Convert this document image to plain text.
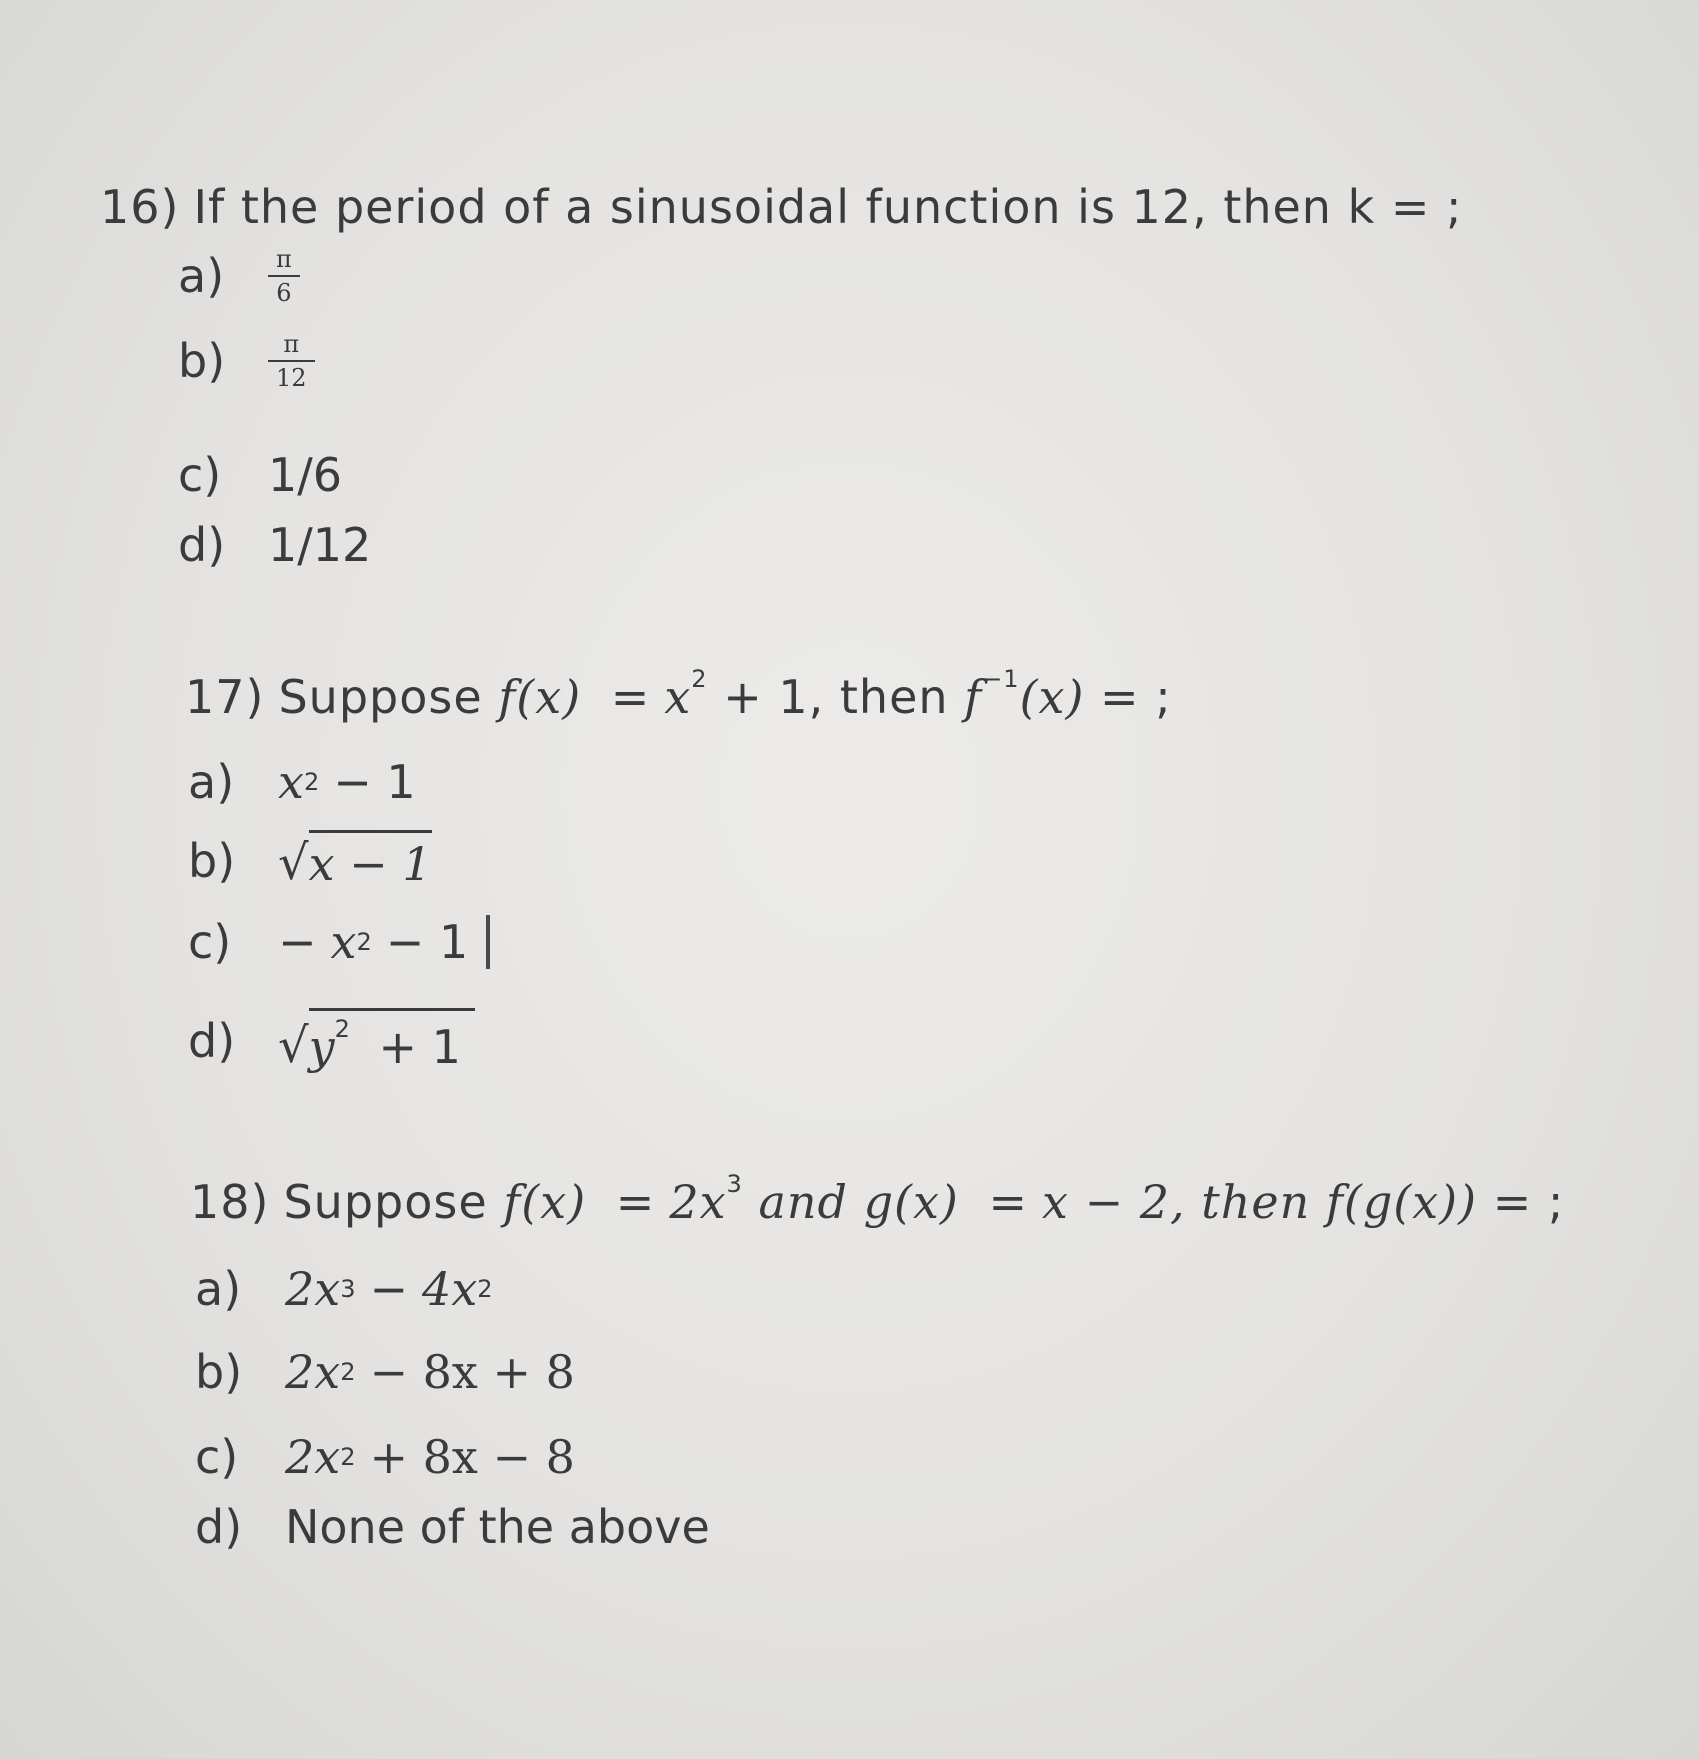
16) If the period of a sinusoidal function is 12, then k = ;
a)	$\frac{\pi}{6}$
b)	$\frac{\pi}{12}$
c)	1/6
d) 1/12
17) Suppose $f(x) = x^2 + 1$, then $f^{-1}(x)$ = ;
a) x 2 − 1
b) √ x − 1
c)	− x 2 − 1
d) √ $y^2 + 1$
18) Suppose $f(x) = 2x^3$ and g(x) = x − 2, then f(g(x)) = ;
a) 2x 3 − 4x 2
b) 2x 2 − 8x + 8
c)	2x 2 + 8x − 8
d) None of the above
